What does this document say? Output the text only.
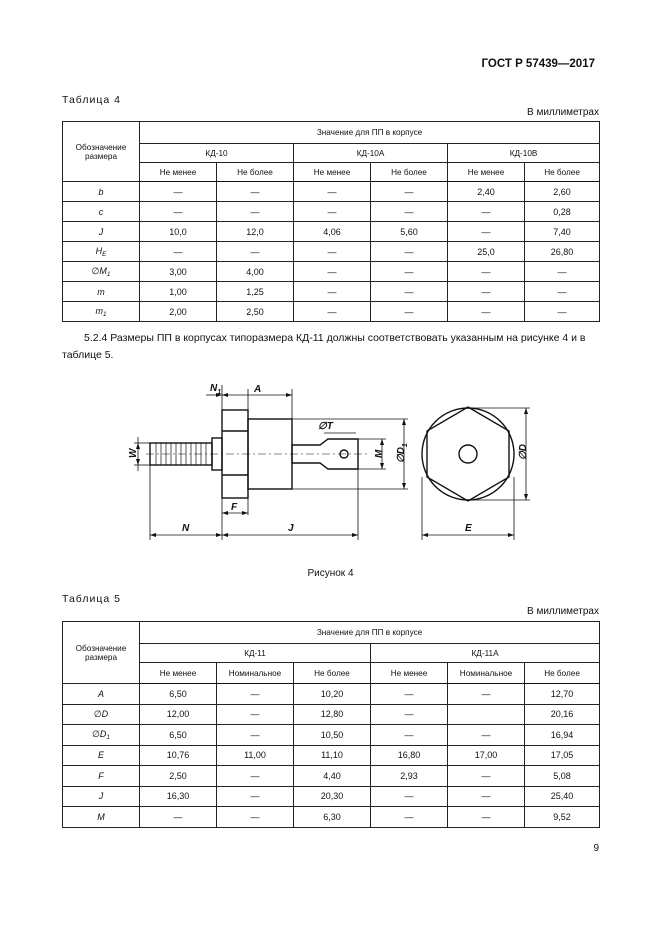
ГОСТ Р 57439—2017
Таблица 4
В миллиметрах
Обозначение размера	Значение для ПП в корпусе					
	КД-10		КД-10А		КД-10В	
	Не менее	Не более	Не менее	Не более	Не менее	Не более
b	—	—	—	—	2,40	2,60
c	—	—	—	—	—	0,28
J	10,0	12,0	4,06	5,60	—	7,40
$H_E$	—	—	—	—	25,0	26,80
$\emptyset M_1$	3,00	4,00	—	—	—	—
m	1,00	1,25	—	—	—	—
$m_1$	2,00	2,50	—	—	—	—
5.2.4 Размеры ПП в корпусах типоразмера КД-11 должны соответствовать указанным на рисунке 4 и в таблице 5.
$N_1$	A
W
∅T
M $\emptyset D_1$	∅D
F
N	J	E
Рисунок 4
Таблица 5
В миллиметрах
Обозначение размера	Значение для ПП в корпусе					
	КД-11			КД-11А		
	Не менее	Номинальное	Не более	Не менее	Номинальное	Не более
A	6,50	—	10,20	—	—	12,70
∅D	12,00	—	12,80	—		20,16
$\emptyset D_1$	6,50	—	10,50	—	—	16,94
E	10,76	11,00	11,10	16,80	17,00	17,05
F	2,50	—	4,40	2,93	—	5,08
J	16,30	—	20,30	—	—	25,40
M	—	—	6,30	—	—	9,52
9
